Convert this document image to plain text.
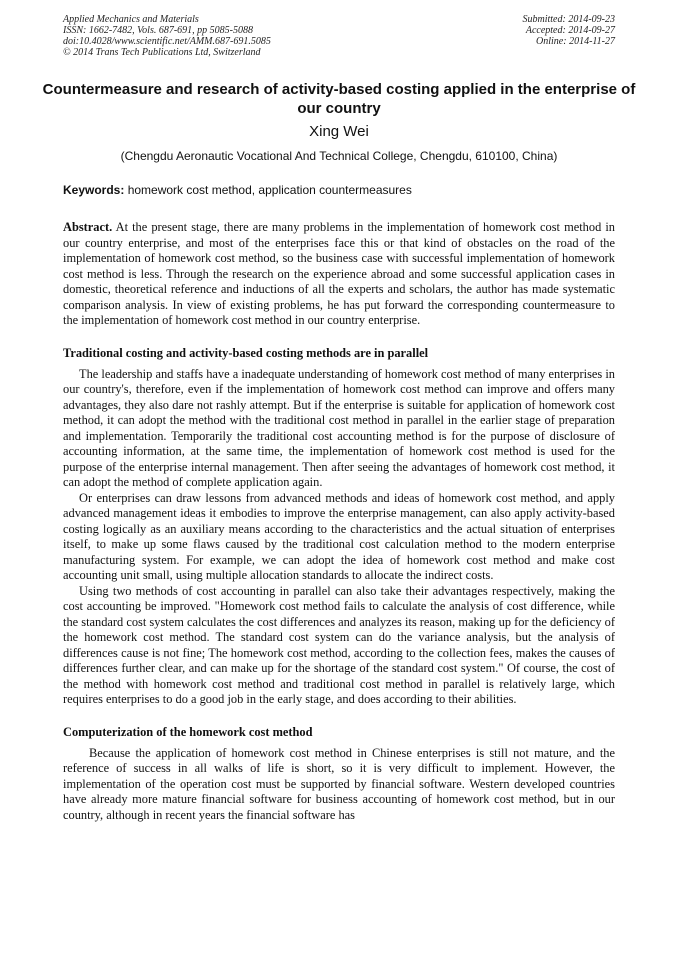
Applied Mechanics and Materials
ISSN: 1662-7482, Vols. 687-691, pp 5085-5088
doi:10.4028/www.scientific.net/AMM.687-691.5085
© 2014 Trans Tech Publications Ltd, Switzerland
Submitted: 2014-09-23
Accepted: 2014-09-27
Online: 2014-11-27
Countermeasure and research of activity-based costing applied in the enterprise of our country
Xing Wei
(Chengdu Aeronautic Vocational And Technical College, Chengdu, 610100, China)
Keywords: homework cost method, application countermeasures

Abstract. At the present stage, there are many problems in the implementation of homework cost method in our country enterprise, and most of the enterprises face this or that kind of obstacles on the road of the implementation of homework cost method, so the business case with successful implementation of homework cost method is less. Through the research on the experience abroad and some successful application cases in domestic, theoretical reference and inductions of all the experts and scholars, the author has made systematic comparison analysis. In view of existing problems, he has put forward the corresponding countermeasure to the implementation of homework cost method in our country enterprise.

Traditional costing and activity-based costing methods are in parallel

The leadership and staffs have a inadequate understanding of homework cost method of many enterprises in our country's, therefore, even if the implementation of homework cost method can improve and offers many advantages, they also dare not rashly attempt. But if the enterprise is suitable for application of homework cost method, it can adopt the method with the traditional cost method in parallel in the earlier stage of preparation and implementation. Temporarily the traditional cost accounting method is for the purpose of disclosure of accounting information, at the same time, the implementation of homework cost method is used for the purpose of the enterprise internal management. Then after seeing the advantages of homework cost method, it can adopt the method of complete application again.

Or enterprises can draw lessons from advanced methods and ideas of homework cost method, and apply advanced management ideas it embodies to improve the enterprise management, can also apply activity-based costing logically as an auxiliary means according to the characteristics and the actual situation of enterprises itself, to make up some flaws caused by the traditional cost calculation method to the modern enterprise manufacturing system. For example, we can adopt the idea of homework cost method and make cost accounting unit small, using multiple allocation standards to allocate the indirect costs.

Using two methods of cost accounting in parallel can also take their advantages respectively, making the cost accounting be improved. "Homework cost method fails to calculate the analysis of cost difference, while the standard cost system calculates the cost differences and analyzes its reason, making up for the deficiency of the homework cost method. The standard cost system can do the variance analysis, but the analysis of differences cause is not fine; The homework cost method, according to the collection fees, makes the causes of differences further clear, and can make up for the shortage of the standard cost system." Of course, the cost of the method with homework cost method and traditional cost method in parallel is relatively large, which requires enterprises to do a good job in the early stage, and does according to their abilities.

Computerization of the homework cost method

Because the application of homework cost method in Chinese enterprises is still not mature, and the reference of success in all walks of life is short, so it is very difficult to implement. However, the implementation of the operation cost must be supported by financial software. Western developed countries have already more mature financial software for business accounting of homework cost method, but in our country, although in recent years the financial software has
